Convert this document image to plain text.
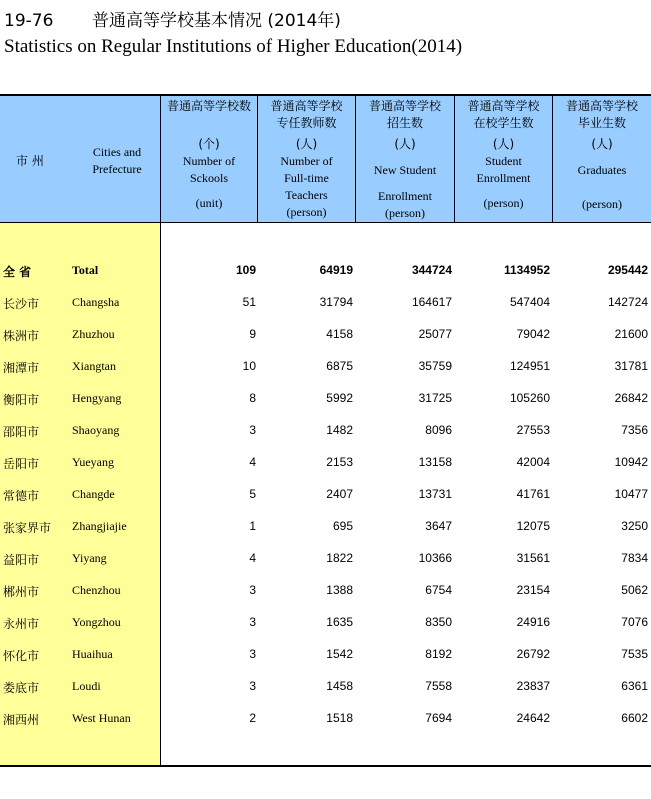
19-76 普通高等学校基本情况 (2014年)
Statistics on Regular Institutions of Higher Education(2014)
市 州
Cities and
Prefecture
普通高等学校数
(个)
Number of
Sckools
(unit)
普通高等学校
专任教师数
(人)
Number of
Full-time
Teachers
(person)
普通高等学校
招生数
(人)
New Student
Enrollment
(person)
普通高等学校
在校学生数
(人)
Student
Enrollment
(person)
普通高等学校
毕业生数
(人)
Graduates
(person)
全 省	Total	109	64919	344724	1134952	295442
长沙市	Changsha	51	31794	164617	547404	142724
株洲市	Zhuzhou	9	4158	25077	79042	21600
湘潭市	Xiangtan	10	6875	35759	124951	31781
衡阳市	Hengyang	8	5992	31725	105260	26842
邵阳市	Shaoyang	3	1482	8096	27553	7356
岳阳市	Yueyang	4	2153	13158	42004	10942
常德市	Changde	5	2407	13731	41761	10477
张家界市 Zhangjiajie	1	695	3647	12075	3250
益阳市	Yiyang	4	1822	10366	31561	7834
郴州市	Chenzhou	3	1388	6754	23154	5062
永州市	Yongzhou	3	1635	8350	24916	7076
怀化市	Huaihua	3	1542	8192	26792	7535
娄底市	Loudi	3	1458	7558	23837	6361
湘西州	West Hunan	2	1518	7694	24642	6602
